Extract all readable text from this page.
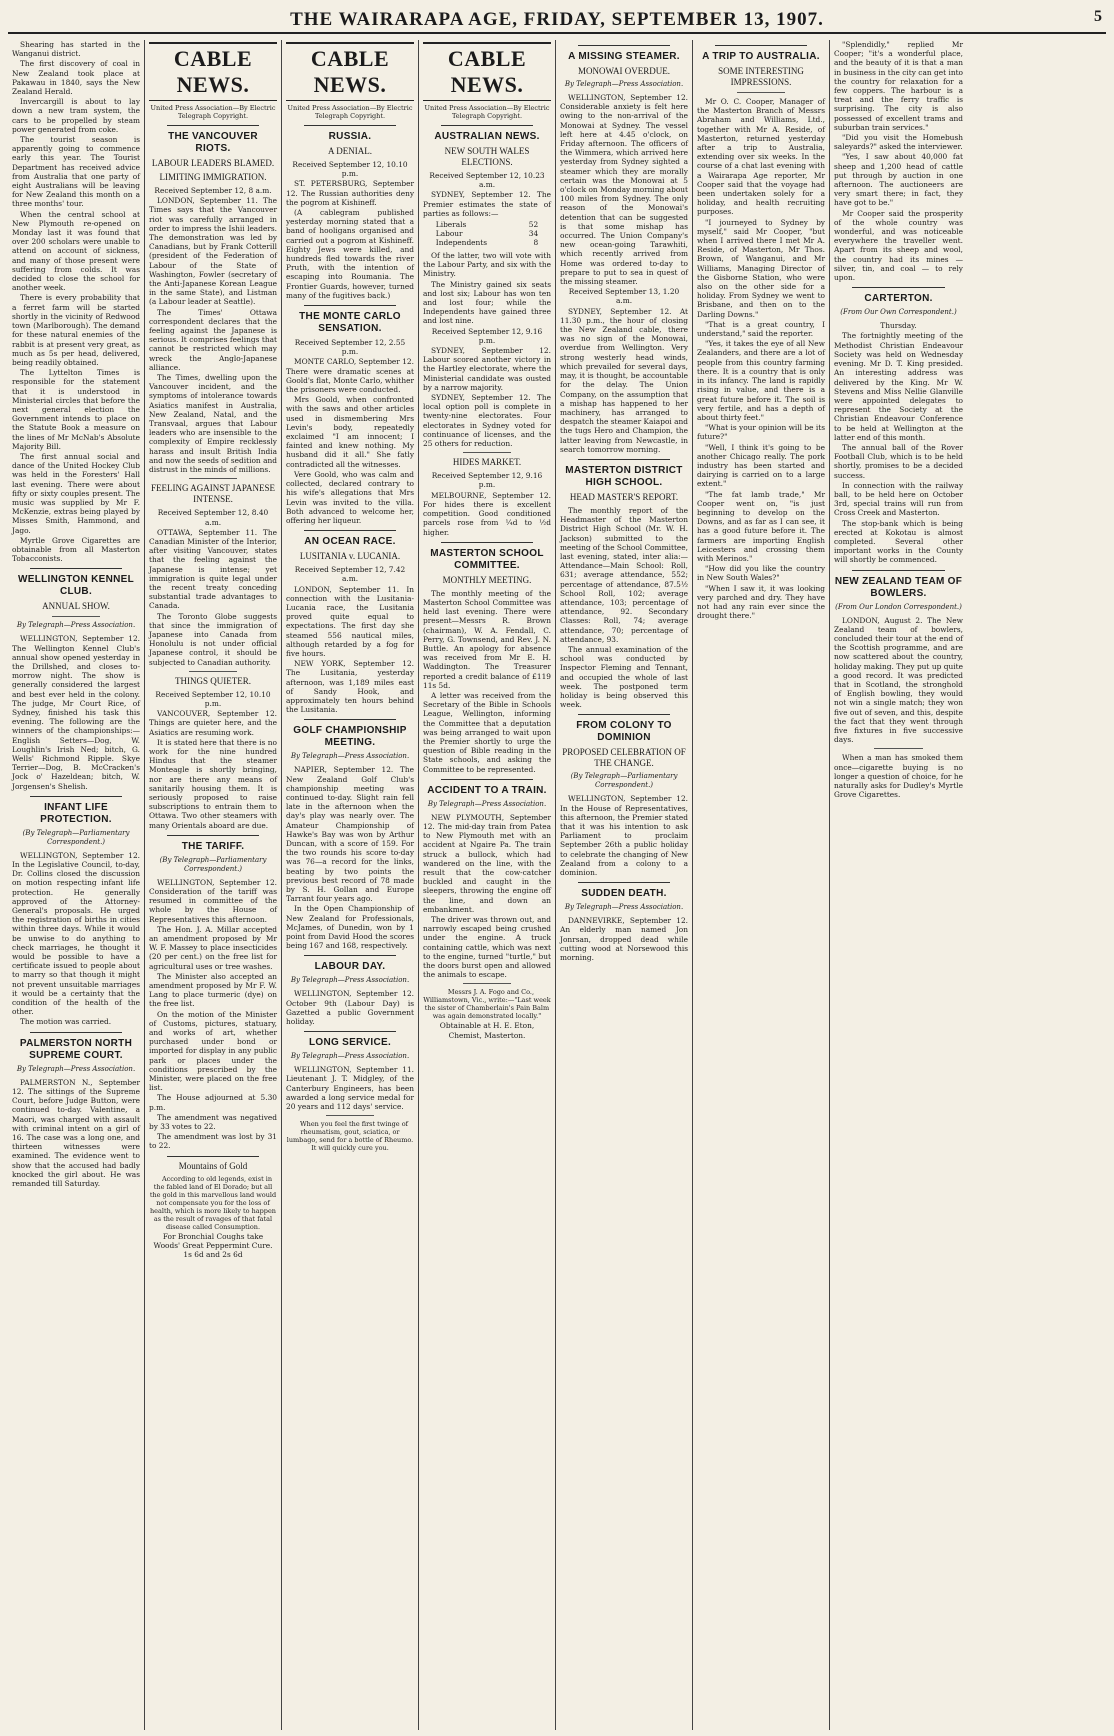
THE WAIRARAPA AGE, FRIDAY, SEPTEMBER 13, 1907.	5

Shearing has started in the Wanganui district.

The first discovery of coal in New Zealand took place at Pakawau in 1840, says the New Zealand Herald.

Invercargill is about to lay down a new tram system, the cars to be propelled by steam power generated from coke.

The tourist season is apparently going to commence early this year. The Tourist Department has received advice from Australia that one party of eight Australians will be leaving for New Zealand this month on a three months' tour.

When the central school at New Plymouth re-opened on Monday last it was found that over 200 scholars were unable to attend on account of sickness, and many of those present were suffering from colds. It was decided to close the school for another week.

There is every probability that a ferret farm will be started shortly in the vicinity of Redwood town (Marlborough). The demand for these natural enemies of the rabbit is at present very great, as much as 5s per head, delivered, being readily obtained.

The Lyttelton Times is responsible for the statement that it is understood in Ministerial circles that before the next general election the Government intends to place on the Statute Book a measure on the lines of Mr McNab's Absolute Majority Bill.

The first annual social and dance of the United Hockey Club was held in the Foresters' Hall last evening. There were about fifty or sixty couples present. The music was supplied by Mr F. McKenzie, extras being played by Misses Smith, Hammond, and Jago.

Myrtle Grove Cigarettes are obtainable from all Masterton Tobacconists.

WELLINGTON KENNEL CLUB.
ANNUAL SHOW.
By Telegraph—Press Association.

WELLINGTON, September 12. The Wellington Kennel Club's annual show opened yesterday in the Drillshed, and closes to-morrow night. The show is generally considered the largest and best ever held in the colony. The judge, Mr Court Rice, of Sydney, finished his task this evening. The following are the winners of the championships:— English Setters—Dog, W. Loughlin's Irish Ned; bitch, G. Wells' Richmond Ripple. Skye Terrier—Dog, B. McCracken's Jock o' Hazeldean; bitch, W. Jorgensen's Shelish.

INFANT LIFE PROTECTION.
(By Telegraph—Parliamentary Correspondent.)

WELLINGTON, September 12. In the Legislative Council, to-day, Dr. Collins closed the discussion on motion respecting infant life protection. He generally approved of the Attorney-General's proposals. He urged the registration of births in cities within three days. While it would be unwise to do anything to check marriages, he thought it would be possible to have a certificate issued to people about to marry so that though it might not prevent unsuitable marriages it would be a certainty that the condition of the health of the other.

The motion was carried.

PALMERSTON NORTH SUPREME COURT.
By Telegraph—Press Association.

PALMERSTON N., September 12. The sittings of the Supreme Court, before Judge Button, were continued to-day. Valentine, a Maori, was charged with assault with criminal intent on a girl of 16. The case was a long one, and thirteen witnesses were examined. The evidence went to show that the accused had badly knocked the girl about. He was remanded till Saturday.

CABLE NEWS.
United Press Association—By Electric Telegraph Copyright.
THE VANCOUVER RIOTS.
LABOUR LEADERS BLAMED.
LIMITING IMMIGRATION.

Received September 12, 8 a.m.

LONDON, September 11. The Times says that the Vancouver riot was carefully arranged in order to impress the Ishii leaders. The demonstration was led by Canadians, but by Frank Cotterill (president of the Federation of Labour of the State of Washington, Fowler (secretary of the Anti-Japanese Korean League in the same State), and Listman (a Labour leader at Seattle).

The Times' Ottawa correspondent declares that the feeling against the Japanese is serious. It comprises feelings that cannot be restricted which may wreck the Anglo-Japanese alliance.

The Times, dwelling upon the Vancouver incident, and the symptoms of intolerance towards Asiatics manifest in Australia, New Zealand, Natal, and the Transvaal, argues that Labour leaders who are insensible to the complexity of Empire recklessly harass and insult British India and now the seeds of sedition and distrust in the minds of millions.

FEELING AGAINST JAPANESE INTENSE.

Received September 12, 8.40 a.m.

OTTAWA, September 11. The Canadian Minister of the Interior, after visiting Vancouver, states that the feeling against the Japanese is intense; yet immigration is quite legal under the recent treaty conceding substantial trade advantages to Canada.

The Toronto Globe suggests that since the immigration of Japanese into Canada from Honolulu is not under official Japanese control, it should be subjected to Canadian authority.

THINGS QUIETER.

Received September 12, 10.10 p.m.

VANCOUVER, September 12. Things are quieter here, and the Asiatics are resuming work.

It is stated here that there is no work for the nine hundred Hindus that the steamer Monteagle is shortly bringing, nor are there any means of sanitarily housing them. It is seriously proposed to raise subscriptions to entrain them to Ottawa. Two other steamers with many Orientals aboard are due.

THE TARIFF.
(By Telegraph—Parliamentary Correspondent.)

WELLINGTON, September 12. Consideration of the tariff was resumed in committee of the whole by the House of Representatives this afternoon.

The Hon. J. A. Millar accepted an amendment proposed by Mr W. F. Massey to place insecticides (20 per cent.) on the free list for agricultural uses or tree washes.

The Minister also accepted an amendment proposed by Mr F. W. Lang to place turmeric (dye) on the free list.

On the motion of the Minister of Customs, pictures, statuary, and works of art, whether purchased under bond or imported for display in any public park or places under the conditions prescribed by the Minister, were placed on the free list.

The House adjourned at 5.30 p.m.

The amendment was negatived by 33 votes to 22.

The amendment was lost by 31 to 22.

Mountains of Gold

According to old legends, exist in the fabled land of El Dorado; but all the gold in this marvellous land would not compensate you for the loss of health, which is more likely to happen as the result of ravages of that fatal disease called Consumption.

For Bronchial Coughs take Woods' Great Peppermint Cure. 1s 6d and 2s 6d

CABLE NEWS.
United Press Association—By Electric Telegraph Copyright.
RUSSIA.
A DENIAL.

Received September 12, 10.10 p.m.

ST. PETERSBURG, September 12. The Russian authorities deny the pogrom at Kishineff.

(A cablegram published yesterday morning stated that a band of hooligans organised and carried out a pogrom at Kishineff. Eighty Jews were killed, and hundreds fled towards the river Pruth, with the intention of escaping into Roumania. The Frontier Guards, however, turned many of the fugitives back.)

THE MONTE CARLO SENSATION.

Received September 12, 2.55 p.m.

MONTE CARLO, September 12. There were dramatic scenes at Goold's flat, Monte Carlo, whither the prisoners were conducted.

Mrs Goold, when confronted with the saws and other articles used in dismembering Mrs Levin's body, repeatedly exclaimed "I am innocent; I fainted and knew nothing. My husband did it all." She fatly contradicted all the witnesses.

Vere Goold, who was calm and collected, declared contrary to his wife's allegations that Mrs Levin was invited to the villa. Both advanced to welcome her, offering her liqueur.

AN OCEAN RACE.
LUSITANIA v. LUCANIA.

Received September 12, 7.42 a.m.

LONDON, September 11. In connection with the Lusitania-Lucania race, the Lusitania proved quite equal to expectations. The first day she steamed 556 nautical miles, although retarded by a fog for five hours.

NEW YORK, September 12. The Lusitania, yesterday afternoon, was 1,189 miles east of Sandy Hook, and approximately ten hours behind the Lusitania.

GOLF CHAMPIONSHIP MEETING.
By Telegraph—Press Association.

NAPIER, September 12. The New Zealand Golf Club's championship meeting was continued to-day. Slight rain fell late in the afternoon when the day's play was nearly over. The Amateur Championship of Hawke's Bay was won by Arthur Duncan, with a score of 159. For the two rounds his score to-day was 76—a record for the links, beating by two points the previous best record of 78 made by S. H. Gollan and Europe Tarrant four years ago.

In the Open Championship of New Zealand for Professionals, McJames, of Dunedin, won by 1 point from David Hood the scores being 167 and 168, respectively.

LABOUR DAY.
By Telegraph—Press Association.

WELLINGTON, September 12. October 9th (Labour Day) is Gazetted a public Government holiday.

LONG SERVICE.
By Telegraph—Press Association.

WELLINGTON, September 11. Lieutenant J. T. Midgley, of the Canterbury Engineers, has been awarded a long service medal for 20 years and 112 days' service.

When you feel the first twinge of rheumatism, gout, sciatica, or lumbago, send for a bottle of Rheumo. It will quickly cure you.

CABLE NEWS.
United Press Association—By Electric Telegraph Copyright.
AUSTRALIAN NEWS.
NEW SOUTH WALES ELECTIONS.

Received September 12, 10.23 a.m.

SYDNEY, September 12. The Premier estimates the state of parties as follows:—

Liberals	52
Labour	34
Independents	8

Of the latter, two will vote with the Labour Party, and six with the Ministry.

The Ministry gained six seats and lost six; Labour has won ten and lost four; while the Independents have gained three and lost nine.

Received September 12, 9.16 p.m.

SYDNEY, September 12. Labour scored another victory in the Hartley electorate, where the Ministerial candidate was ousted by a narrow majority.

SYDNEY, September 12. The local option poll is complete in twenty-nine electorates. Four electorates in Sydney voted for continuance of licenses, and the 25 others for reduction.

HIDES MARKET.

Received September 12, 9.16 p.m.

MELBOURNE, September 12. For hides there is excellent competition. Good conditioned parcels rose from ¼d to ½d higher.

MASTERTON SCHOOL COMMITTEE.
MONTHLY MEETING.

The monthly meeting of the Masterton School Committee was held last evening. There were present—Messrs R. Brown (chairman), W. A. Fendall, C. Perry, G. Townsend, and Rev. J. N. Buttle. An apology for absence was received from Mr E. H. Waddington. The Treasurer reported a credit balance of £119 11s 5d.

A letter was received from the Secretary of the Bible in Schools League, Wellington, informing the Committee that a deputation was being arranged to wait upon the Premier shortly to urge the question of Bible reading in the State schools, and asking the Committee to be represented.

ACCIDENT TO A TRAIN.
By Telegraph—Press Association.

NEW PLYMOUTH, September 12. The mid-day train from Patea to New Plymouth met with an accident at Ngaire Pa. The train struck a bullock, which had wandered on the line, with the result that the cow-catcher buckled and caught in the sleepers, throwing the engine off the line, and down an embankment.

The driver was thrown out, and narrowly escaped being crushed under the engine. A truck containing cattle, which was next to the engine, turned "turtle," but the doors burst open and allowed the animals to escape.

Messrs J. A. Fogo and Co., Williamstown, Vic., write:—"Last week the sister of Chamberlain's Pain Balm was again demonstrated locally."

Obtainable at H. E. Eton, Chemist, Masterton.

A MISSING STEAMER.
MONOWAI OVERDUE.
By Telegraph—Press Association.

WELLINGTON, September 12. Considerable anxiety is felt here owing to the non-arrival of the Monowai at Sydney. The vessel left here at 4.45 o'clock, on Friday afternoon. The officers of the Wimmera, which arrived here yesterday from Sydney sighted a steamer which they are morally certain was the Monowai at 5 o'clock on Monday morning about 100 miles from Sydney. The only reason of the Monowai's detention that can be suggested is that some mishap has occurred. The Union Company's new ocean-going Tarawhiti, which recently arrived from Home was ordered to-day to prepare to put to sea in quest of the missing steamer.

Received September 13, 1.20 a.m.

SYDNEY, September 12. At 11.30 p.m., the hour of closing the New Zealand cable, there was no sign of the Monowai, overdue from Wellington. Very strong westerly head winds, which prevailed for several days, may, it is thought, be accountable for the delay. The Union Company, on the assumption that a mishap has happened to her machinery, has arranged to despatch the steamer Kaiapoi and the tugs Hero and Champion, the latter leaving from Newcastle, in search tomorrow morning.

MASTERTON DISTRICT HIGH SCHOOL.
HEAD MASTER'S REPORT.

The monthly report of the Headmaster of the Masterton District High School (Mr. W. H. Jackson) submitted to the meeting of the School Committee, last evening, stated, inter alia:—Attendance—Main School: Roll, 631; average attendance, 552; percentage of attendance, 87.5½ School Roll, 102; average attendance, 103; percentage of attendance, 92. Secondary Classes: Roll, 74; average attendance, 70; percentage of attendance, 93.

The annual examination of the school was conducted by Inspector Fleming and Tennant, and occupied the whole of last week. The postponed term holiday is being observed this week.

FROM COLONY TO DOMINION
PROPOSED CELEBRATION OF THE CHANGE.
(By Telegraph—Parliamentary Correspondent.)

WELLINGTON, September 12. In the House of Representatives, this afternoon, the Premier stated that it was his intention to ask Parliament to proclaim September 26th a public holiday to celebrate the changing of New Zealand from a colony to a dominion.

SUDDEN DEATH.
By Telegraph—Press Association.

DANNEVIRKE, September 12. An elderly man named Jon Jonrsan, dropped dead while cutting wood at Norsewood this morning.

A TRIP TO AUSTRALIA.
SOME INTERESTING IMPRESSIONS.

Mr O. C. Cooper, Manager of the Masterton Branch of Messrs Abraham and Williams, Ltd., together with Mr A. Reside, of Masterton, returned yesterday after a trip to Australia, extending over six weeks. In the course of a chat last evening with a Wairarapa Age reporter, Mr Cooper said that the voyage had been undertaken solely for a holiday, and health recruiting purposes.

"I journeyed to Sydney by myself," said Mr Cooper, "but when I arrived there I met Mr A. Reside, of Masterton, Mr Thos. Brown, of Wanganui, and Mr Williams, Managing Director of the Gisborne Station, who were also on the other side for a holiday. From Sydney we went to Brisbane, and then on to the Darling Downs."

"That is a great country, I understand," said the reporter.

"Yes, it takes the eye of all New Zealanders, and there are a lot of people from this country farming there. It is a country that is only in its infancy. The land is rapidly rising in value, and there is a great future before it. The soil is very fertile, and has a depth of about thirty feet."

"What is your opinion will be its future?"

"Well, I think it's going to be another Chicago really. The pork industry has been started and dairying is carried on to a large extent."

"The fat lamb trade," Mr Cooper went on, "is just beginning to develop on the Downs, and as far as I can see, it has a good future before it. The farmers are importing English Leicesters and crossing them with Merinos."

"How did you like the country in New South Wales?"

"When I saw it, it was looking very parched and dry. They have not had any rain ever since the drought there."

"Splendidly," replied Mr Cooper; "it's a wonderful place, and the beauty of it is that a man in business in the city can get into the country for relaxation for a few coppers. The harbour is a treat and the ferry traffic is surprising. The city is also possessed of excellent trams and suburban train services."

"Did you visit the Homebush saleyards?" asked the interviewer.

"Yes, I saw about 40,000 fat sheep and 1,200 head of cattle put through by auction in one afternoon. The auctioneers are very smart there; in fact, they have got to be."

Mr Cooper said the prosperity of the whole country was wonderful, and was noticeable everywhere the traveller went. Apart from its sheep and wool, the country had its mines — silver, tin, and coal — to rely upon.

CARTERTON.
(From Our Own Correspondent.)

Thursday.

The fortnightly meeting of the Methodist Christian Endeavour Society was held on Wednesday evening. Mr D. T. King presided. An interesting address was delivered by the King. Mr W. Stevens and Miss Nellie Glanville were appointed delegates to represent the Society at the Christian Endeavour Conference to be held at Wellington at the latter end of this month.

The annual ball of the Rover Football Club, which is to be held shortly, promises to be a decided success.

In connection with the railway ball, to be held here on October 3rd, special trains will run from Cross Creek and Masterton.

The stop-bank which is being erected at Kokotau is almost completed. Several other important works in the County will shortly be commenced.

NEW ZEALAND TEAM OF BOWLERS.
(From Our London Correspondent.)

LONDON, August 2. The New Zealand team of bowlers, concluded their tour at the end of the Scottish programme, and are now scattered about the country, holiday making. They put up quite a good record. It was predicted that in Scotland, the stronghold of English bowling, they would not win a single match; they won five out of seven, and this, despite the fact that they went through five fixtures in five successive days.

When a man has smoked them once—cigarette buying is no longer a question of choice, for he naturally asks for Dudley's Myrtle Grove Cigarettes.
